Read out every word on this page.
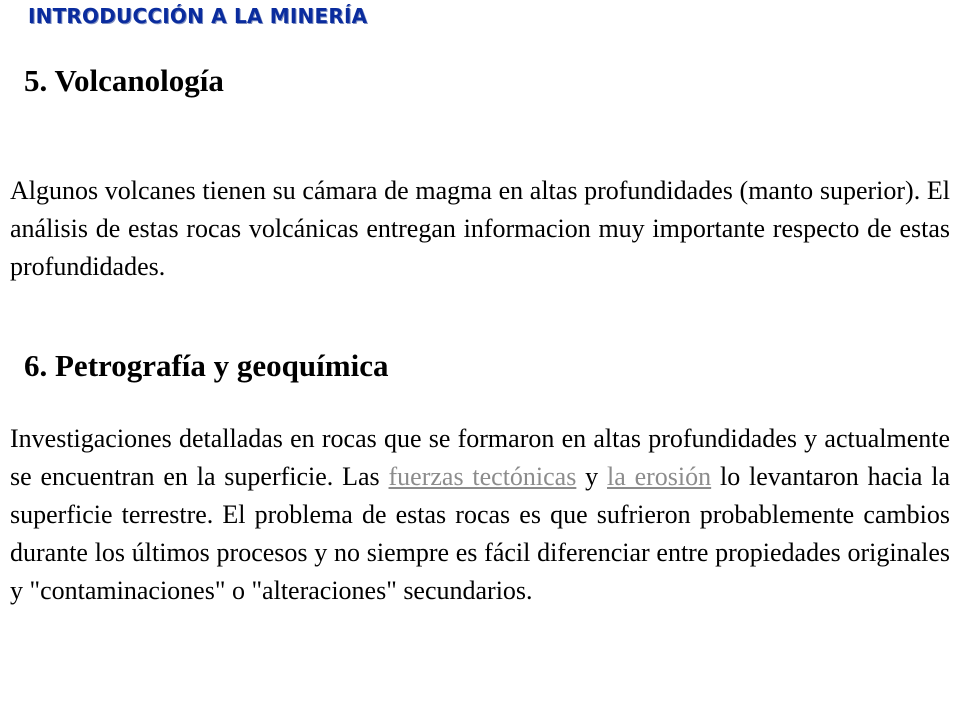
INTRODUCCIÓN A LA MINERÍA
5. Volcanología

Algunos volcanes tienen su cámara de magma en altas profundidades (manto superior). El análisis de estas rocas volcánicas entregan informacion muy importante respecto de estas profundidades.

6. Petrografía y geoquímica

Investigaciones detalladas en rocas que se formaron en altas profundidades y actualmente se encuentran en la superficie. Las fuerzas tectónicas y la erosión lo levantaron hacia la superficie terrestre. El problema de estas rocas es que sufrieron probablemente cambios durante los últimos procesos y no siempre es fácil diferenciar entre propiedades originales y "contaminaciones" o "alteraciones" secundarios.
